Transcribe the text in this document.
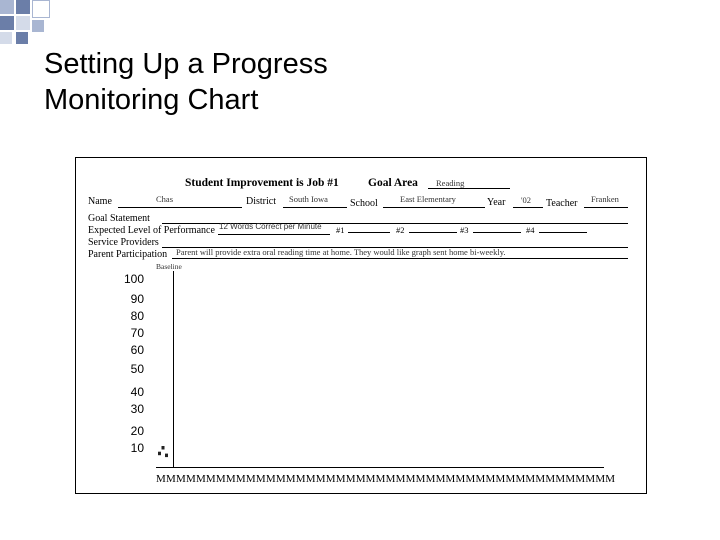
Setting Up a Progress
Monitoring Chart
Student Improvement is Job #1	Goal Area Reading
Name	Chas	District South Iowa School	East Elementary	Year '02 Teacher Franken
Goal Statement
Expected Level of Performance 12 Words Correct per Minute #1	#2	#3	#4
Service Providers
Parent Participation Parent will provide extra oral reading time at home. They would like graph sent home bi-weekly.
Baseline
100
90
80
70
60
50
40
30
20
10
MMMMMMMMMMMMMMMMMMMMMMMMMMMMMMMMMMMMMMMMMMMMMM
